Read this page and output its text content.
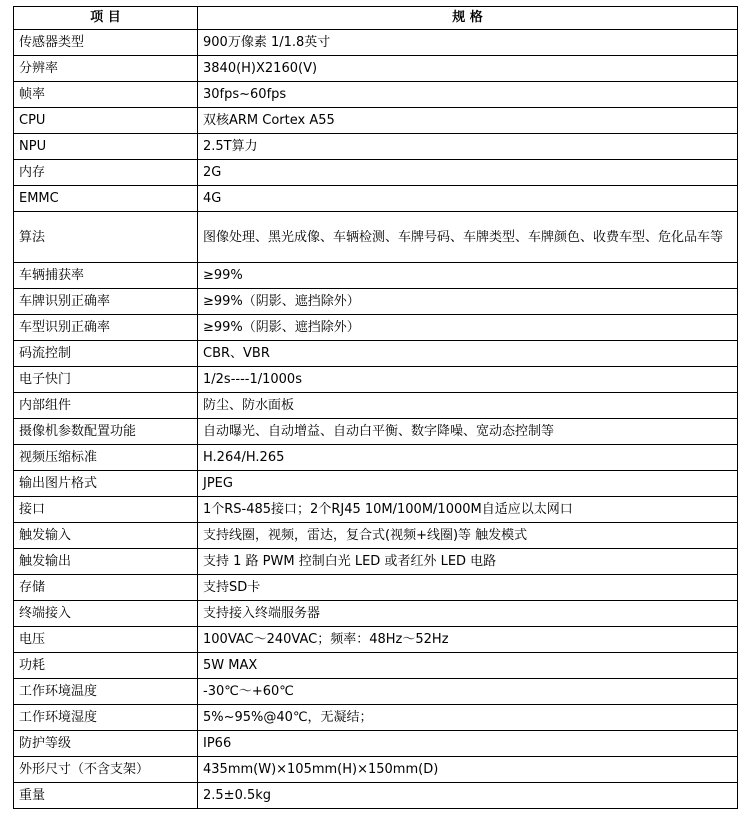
项 目	规 格
传感器类型	900万像素 1/1.8英寸
分辨率	3840(H)X2160(V)
帧率	30fps~60fps
CPU	双核ARM Cortex A55
NPU	2.5T算力
内存	2G
EMMC	4G
算法	图像处理、黑光成像、车辆检测、车牌号码、车牌类型、车牌颜色、收费车型、危化品车等
车辆捕获率	≥99%
车牌识别正确率	≥99%（阴影、遮挡除外）
车型识别正确率	≥99%（阴影、遮挡除外）
码流控制	CBR、VBR
电子快门	1/2s----1/1000s
内部组件	防尘、防水面板
摄像机参数配置功能	自动曝光、自动增益、自动白平衡、数字降噪、宽动态控制等
视频压缩标准	H.264/H.265
输出图片格式	JPEG
接口	1个RS-485接口；2个RJ45 10M/100M/1000M自适应以太网口
触发输入	支持线圈，视频，雷达，复合式(视频+线圈)等 触发模式
触发输出	支持 1 路 PWM 控制白光 LED 或者红外 LED 电路
存储	支持SD卡
终端接入	支持接入终端服务器
电压	100VAC～240VAC；频率：48Hz～52Hz
功耗	5W MAX
工作环境温度	-30℃～+60℃
工作环境湿度	5%~95%@40℃，无凝结；
防护等级	IP66
外形尺寸（不含支架）	435mm(W)×105mm(H)×150mm(D)
重量	2.5±0.5kg
